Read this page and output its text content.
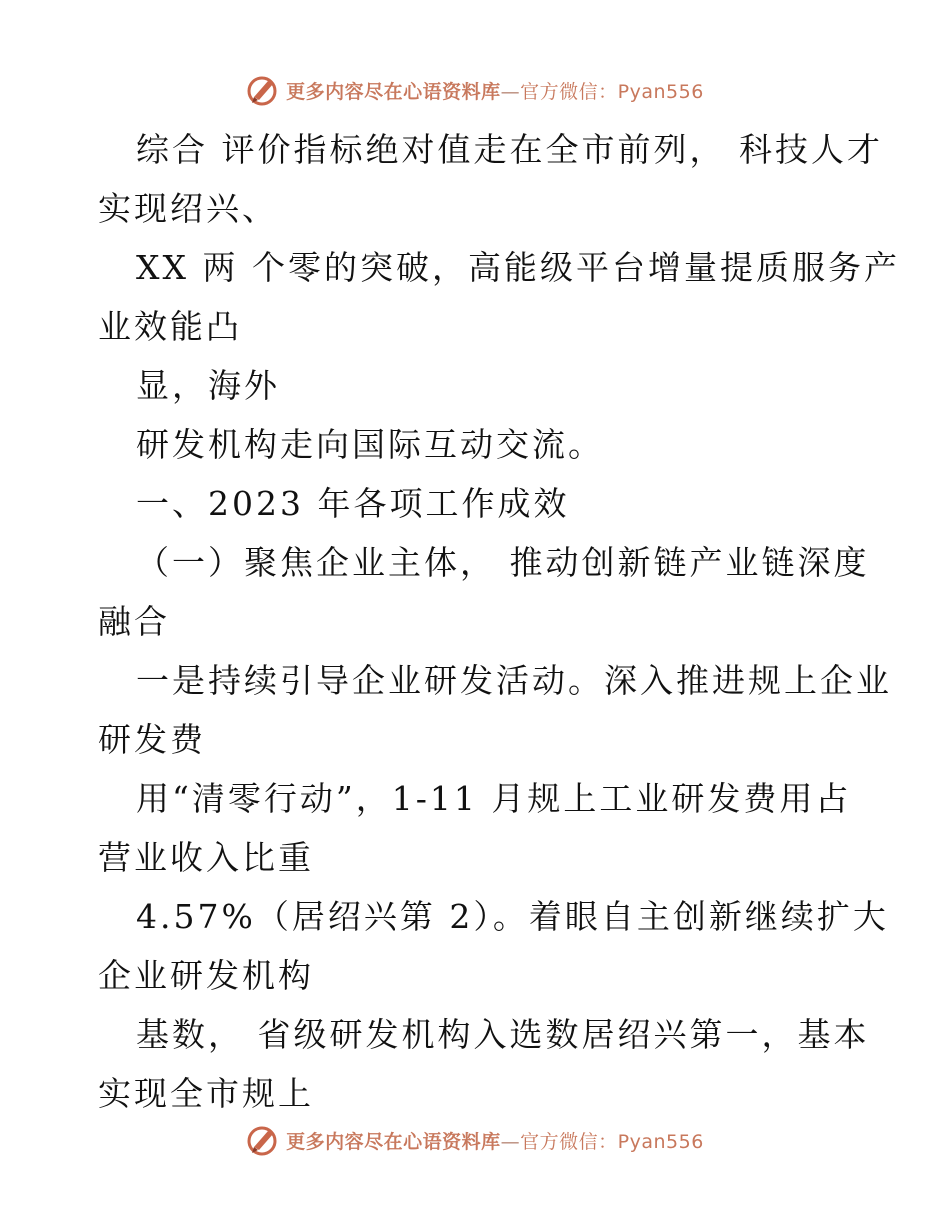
更多内容尽在心语资料库—官方微信：Pyan556
综合 评价指标绝对值走在全市前列， 科技人才
实现绍兴、
XX 两 个零的突破，高能级平台增量提质服务产
业效能凸
显，海外
研发机构走向国际互动交流。
一、2023 年各项工作成效
（一）聚焦企业主体， 推动创新链产业链深度
融合
一是持续引导企业研发活动。深入推进规上企业
研发费
用“清零行动”，1-11 月规上工业研发费用占
营业收入比重
4.57%（居绍兴第 2）。着眼自主创新继续扩大
企业研发机构
基数， 省级研发机构入选数居绍兴第一，基本
实现全市规上
更多内容尽在心语资料库—官方微信：Pyan556
